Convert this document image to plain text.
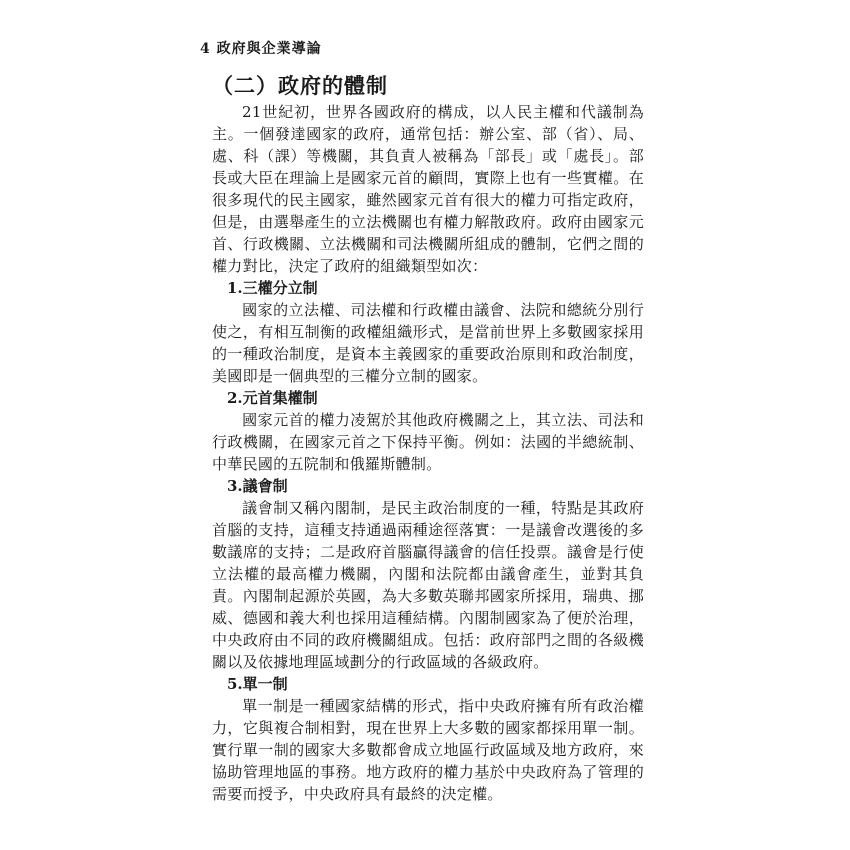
4 政府與企業導論
（二）政府的體制

21世紀初，世界各國政府的構成，以人民主權和代議制為主。一個發達國家的政府，通常包括：辦公室、部（省）、局、處、科（課）等機關，其負責人被稱為「部長」或「處長」。部長或大臣在理論上是國家元首的顧問，實際上也有一些實權。在很多現代的民主國家，雖然國家元首有很大的權力可指定政府，但是，由選舉產生的立法機關也有權力解散政府。政府由國家元首、行政機關、立法機關和司法機關所組成的體制，它們之間的權力對比，決定了政府的組織類型如次：

1.三權分立制

國家的立法權、司法權和行政權由議會、法院和總統分別行使之，有相互制衡的政權組織形式，是當前世界上多數國家採用的一種政治制度，是資本主義國家的重要政治原則和政治制度，美國即是一個典型的三權分立制的國家。

2.元首集權制

國家元首的權力凌駕於其他政府機關之上，其立法、司法和行政機關，在國家元首之下保持平衡。例如：法國的半總統制、中華民國的五院制和俄羅斯體制。

3.議會制

議會制又稱內閣制，是民主政治制度的一種，特點是其政府首腦的支持，這種支持通過兩種途徑落實：一是議會改選後的多數議席的支持；二是政府首腦贏得議會的信任投票。議會是行使立法權的最高權力機關，內閣和法院都由議會產生，並對其負責。內閣制起源於英國，為大多數英聯邦國家所採用，瑞典、挪威、德國和義大利也採用這種結構。內閣制國家為了便於治理，中央政府由不同的政府機關組成。包括：政府部門之間的各級機關以及依據地理區域劃分的行政區域的各級政府。

5.單一制

單一制是一種國家結構的形式，指中央政府擁有所有政治權力，它與複合制相對，現在世界上大多數的國家都採用單一制。實行單一制的國家大多數都會成立地區行政區域及地方政府，來協助管理地區的事務。地方政府的權力基於中央政府為了管理的需要而授予，中央政府具有最終的決定權。
